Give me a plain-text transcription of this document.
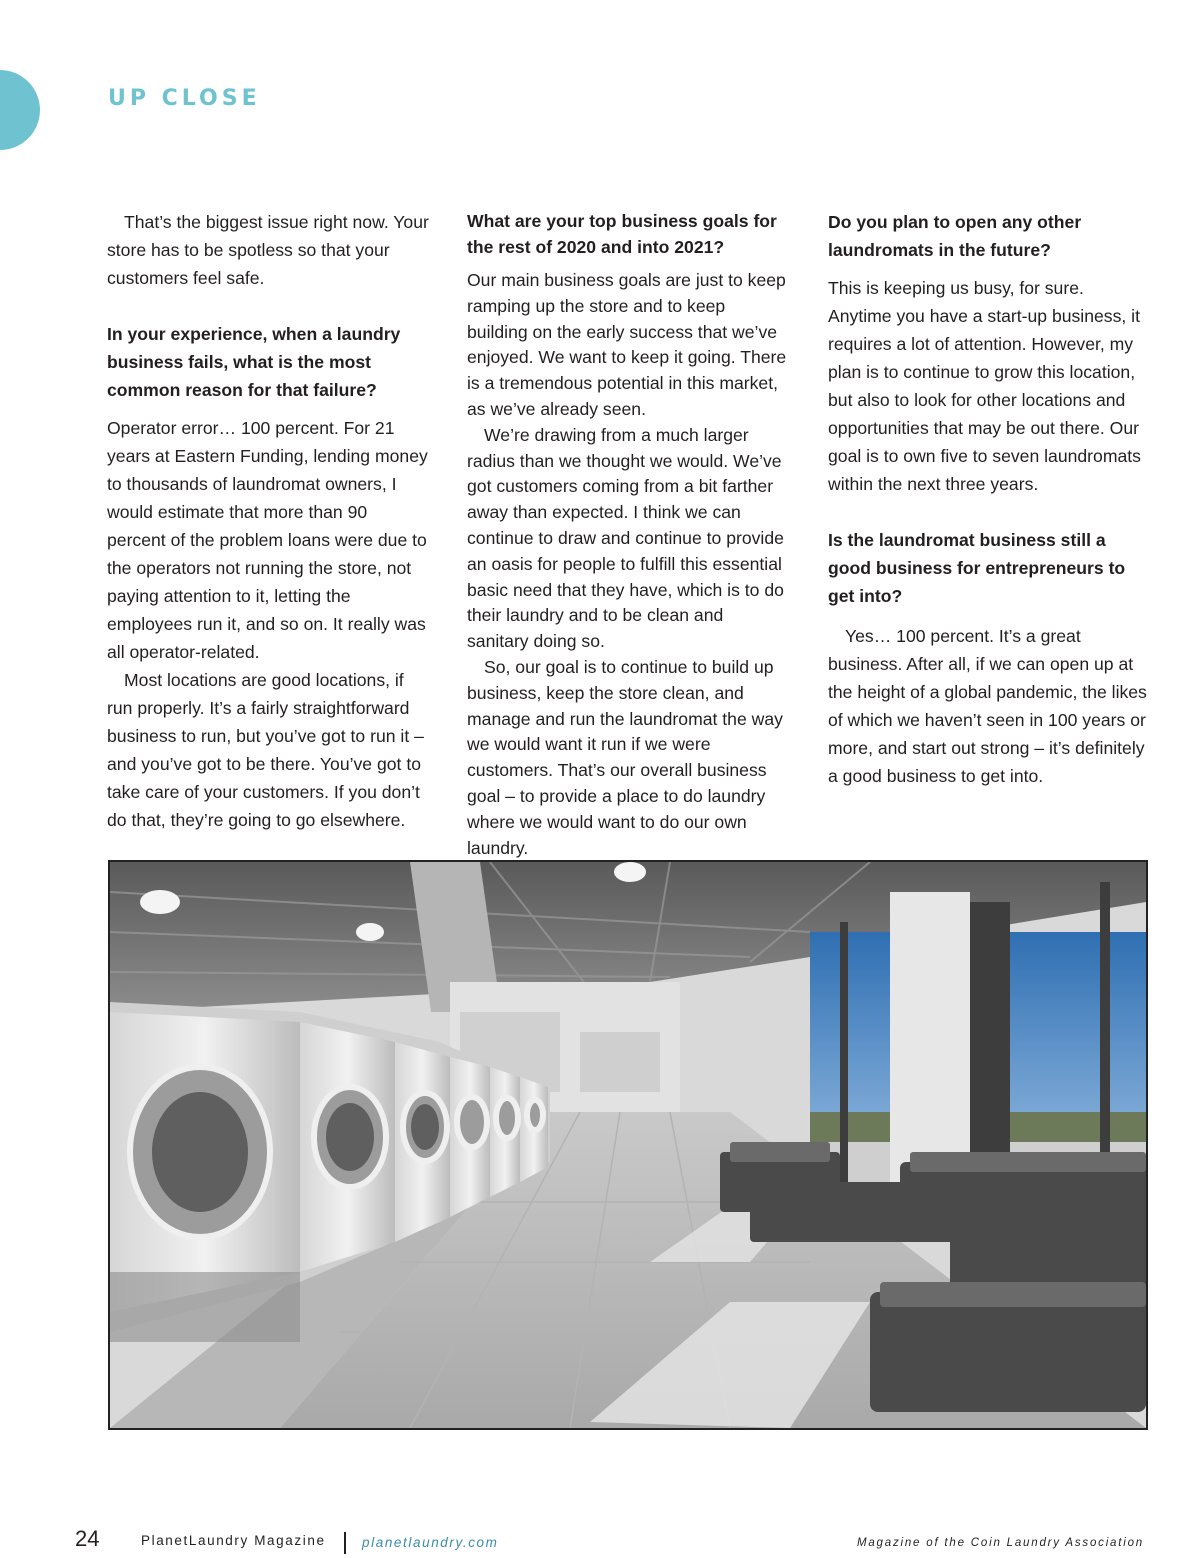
UP CLOSE

That’s the biggest issue right now. Your store has to be spotless so that your customers feel safe.

In your experience, when a laundry business fails, what is the most common reason for that failure?

Operator error… 100 percent. For 21 years at Eastern Funding, lending money to thousands of laundromat owners, I would estimate that more than 90 percent of the problem loans were due to the operators not running the store, not paying attention to it, letting the employees run it, and so on. It really was all operator-related.

Most locations are good locations, if run properly. It’s a fairly straightforward business to run, but you’ve got to run it – and you’ve got to be there. You’ve got to take care of your customers. If you don’t do that, they’re going to go elsewhere.

What are your top business goals for the rest of 2020 and into 2021?

Our main business goals are just to keep ramping up the store and to keep building on the early success that we’ve enjoyed. We want to keep it going. There is a tremendous potential in this market, as we’ve already seen.

We’re drawing from a much larger radius than we thought we would. We’ve got customers coming from a bit farther away than expected. I think we can continue to draw and continue to provide an oasis for people to fulfill this essential basic need that they have, which is to do their laundry and to be clean and sanitary doing so.

So, our goal is to continue to build up business, keep the store clean, and manage and run the laundromat the way we would want it run if we were customers. That’s our overall business goal – to provide a place to do laundry where we would want to do our own laundry.

Do you plan to open any other laundromats in the future?

This is keeping us busy, for sure. Anytime you have a start-up business, it requires a lot of attention. However, my plan is to continue to grow this location, but also to look for other locations and opportunities that may be out there. Our goal is to own five to seven laundromats within the next three years.

Is the laundromat business still a good business for entrepreneurs to get into?

Yes… 100 percent. It’s a great business. After all, if we can open up at the height of a global pandemic, the likes of which we haven’t seen in 100 years or more, and start out strong – it’s definitely a good business to get into.

24	PlanetLaundry Magazine	planetlaundry.com	Magazine of the Coin Laundry Association
